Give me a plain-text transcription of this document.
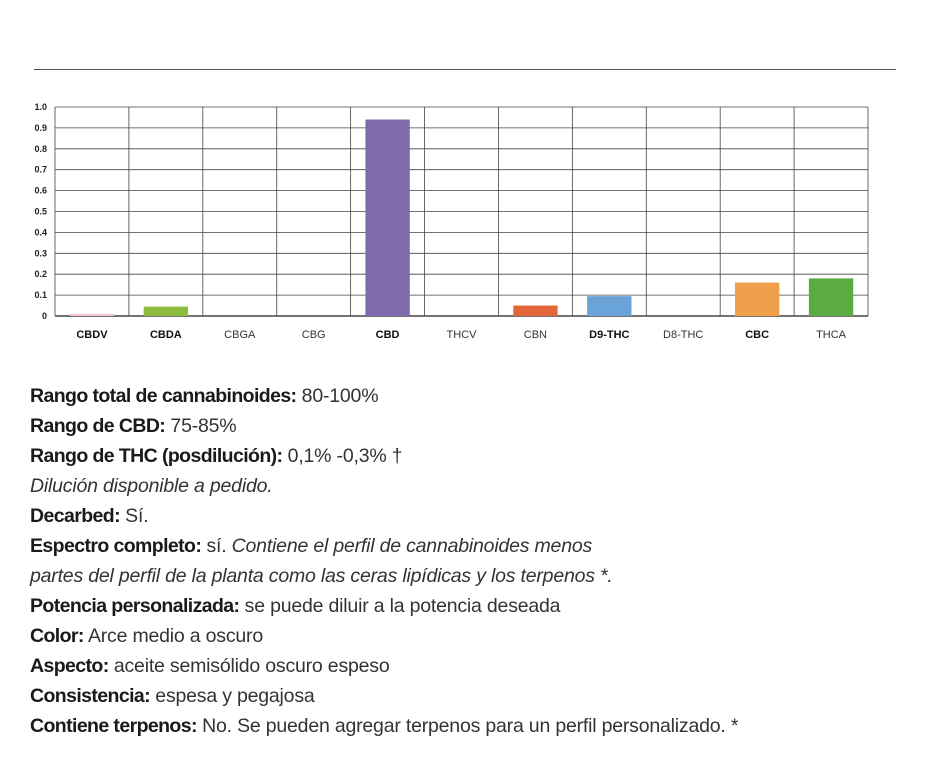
0
0.1
0.2
0.3
0.4
0.5
0.6
0.7
0.8
0.9
1.0
CBDV	CBDA	CBGA	CBG	CBD	THCV	CBN	D9-THC	D8-THC	CBC	THCA

Rango total de cannabinoides: 80-100%

Rango de CBD: 75-85%

Rango de THC (posdilución): 0,1% -0,3% †

Dilución disponible a pedido.

Decarbed: Sí.

Espectro completo: sí. Contiene el perfil de cannabinoides menos

partes del perfil de la planta como las ceras lipídicas y los terpenos *.

Potencia personalizada: se puede diluir a la potencia deseada

Color: Arce medio a oscuro

Aspecto: aceite semisólido oscuro espeso

Consistencia: espesa y pegajosa

Contiene terpenos: No. Se pueden agregar terpenos para un perfil personalizado. *
